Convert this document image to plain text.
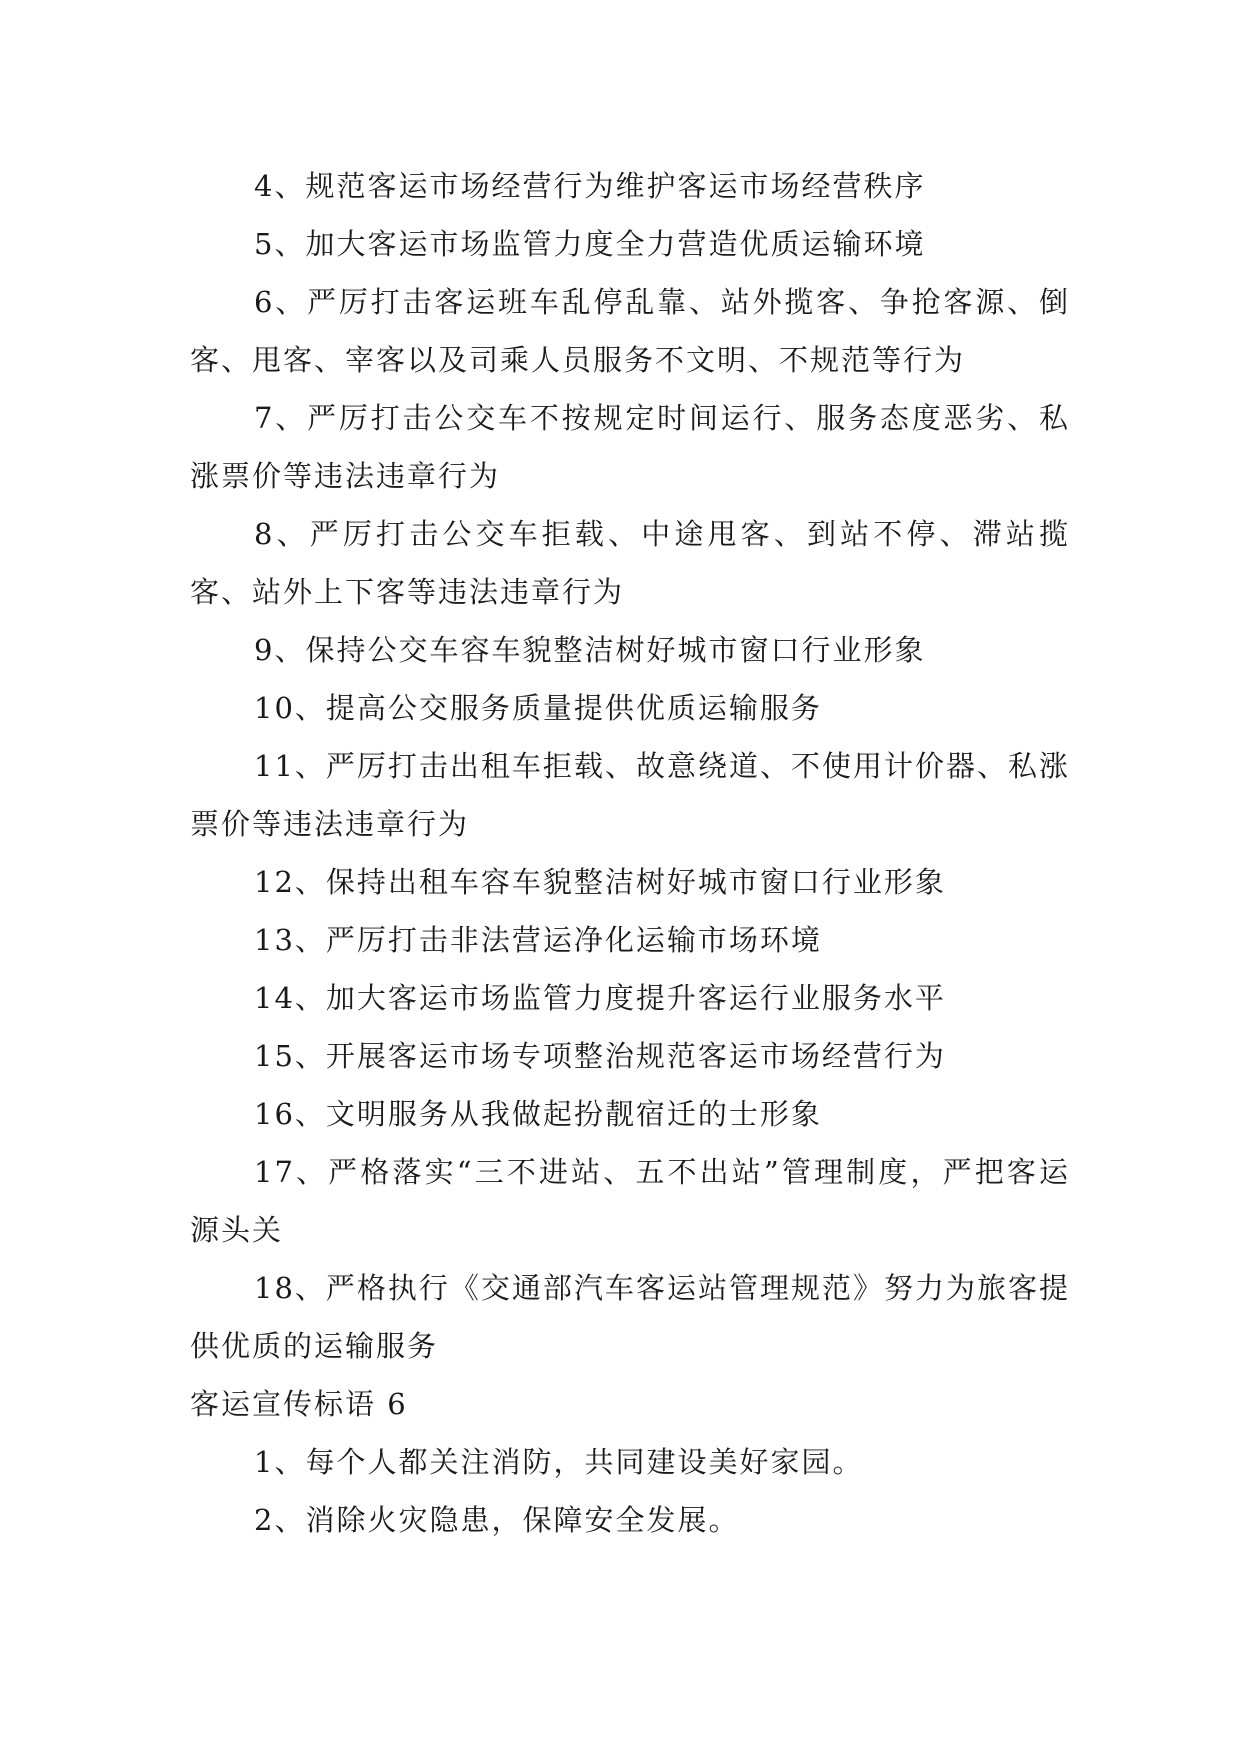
4、规范客运市场经营行为维护客运市场经营秩序

5、加大客运市场监管力度全力营造优质运输环境

6、严厉打击客运班车乱停乱靠、站外揽客、争抢客源、倒客、甩客、宰客以及司乘人员服务不文明、不规范等行为

7、严厉打击公交车不按规定时间运行、服务态度恶劣、私涨票价等违法违章行为

8、严厉打击公交车拒载、中途甩客、到站不停、滞站揽客、站外上下客等违法违章行为

9、保持公交车容车貌整洁树好城市窗口行业形象

10、提高公交服务质量提供优质运输服务

11、严厉打击出租车拒载、故意绕道、不使用计价器、私涨票价等违法违章行为

12、保持出租车容车貌整洁树好城市窗口行业形象

13、严厉打击非法营运净化运输市场环境

14、加大客运市场监管力度提升客运行业服务水平

15、开展客运市场专项整治规范客运市场经营行为

16、文明服务从我做起扮靓宿迁的士形象

17、严格落实“三不进站、五不出站”管理制度，严把客运源头关

18、严格执行《交通部汽车客运站管理规范》努力为旅客提供优质的运输服务

客运宣传标语 6

1、每个人都关注消防，共同建设美好家园。

2、消除火灾隐患，保障安全发展。
